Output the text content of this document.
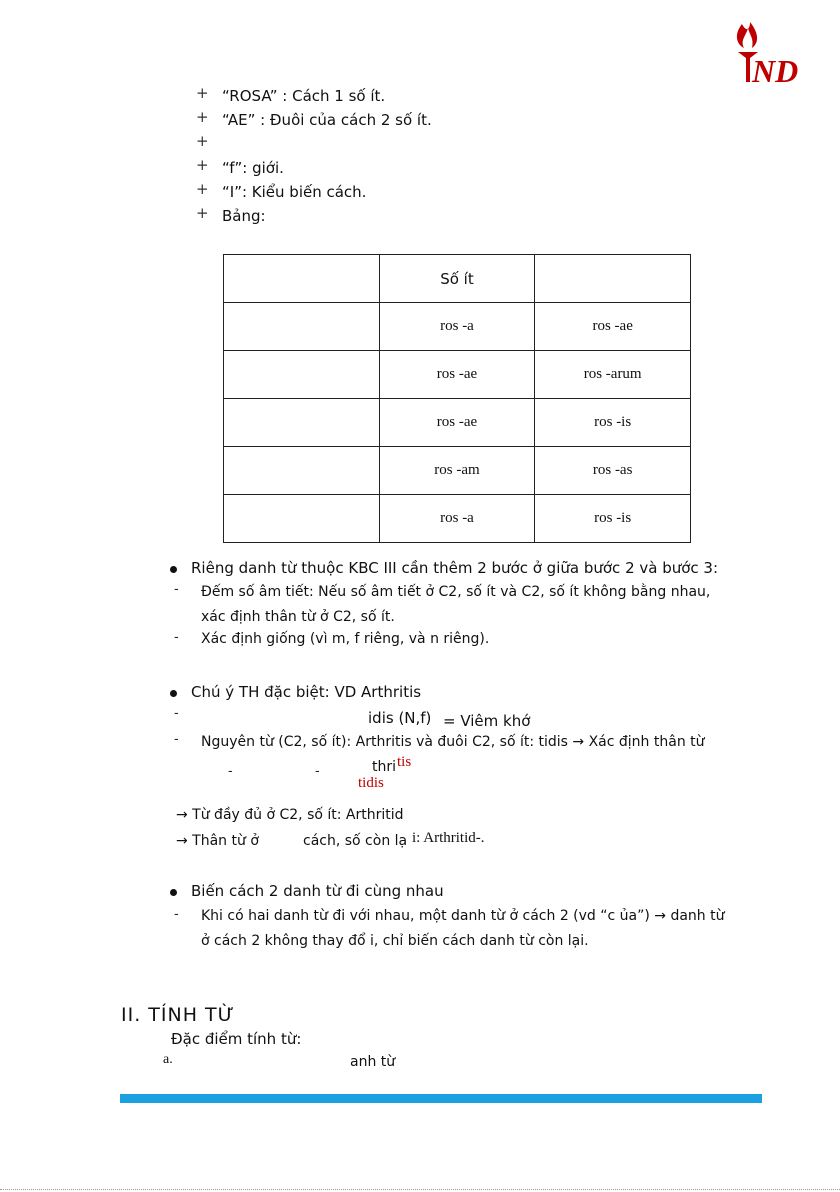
ND
+ “ROSA” : Cách 1 số ít.
+ “AE” : Đuôi của cách 2 số ít.
+
+ “f”: giới.
+ “I”: Kiểu biến cách.
+ Bảng:
	Số ít	
	ros -a	ros -ae
	ros -ae	ros -arum
	ros -ae	ros -is
	ros -am	ros -as
	ros -a	ros -is
Riêng danh từ thuộc KBC III cần thêm 2 bước ở giữa bước 2 và bước 3:
- Đếm số âm tiết: Nếu số âm tiết ở C2, số ít và C2, số ít không bằng nhau,
xác định thân từ ở C2, số ít.
- Xác định giống (vì m, f riêng, và n riêng).
Chú ý TH đặc biệt: VD Arthritis
-	idis (N,f) = Viêm khớ
- Nguyên từ (C2, số ít): Arthritis và đuôi C2, số ít: tidis → Xác định thân từ
thri tis
tidis
-	-
→ Từ đầy đủ ở C2, số ít: Arthritid
→ Thân từ ở	cách, số còn lạ i: Arthritid-.
Biến cách 2 danh từ đi cùng nhau
- Khi có hai danh từ đi với nhau, một danh từ ở cách 2 (vd “c ủa”) → danh từ
ở cách 2 không thay đổ i, chỉ biến cách danh từ còn lại.
II. TÍNH TỪ
Đặc điểm tính từ:
a.	anh từ
